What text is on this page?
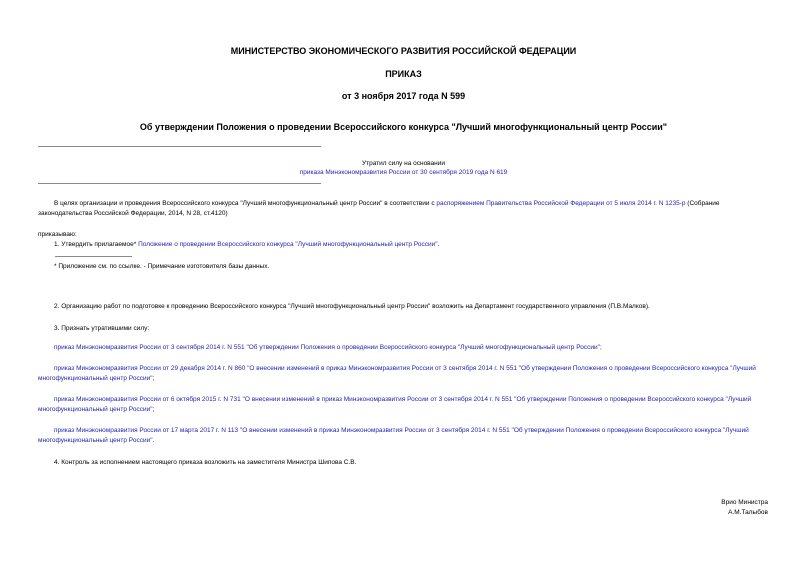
МИНИСТЕРСТВО ЭКОНОМИЧЕСКОГО РАЗВИТИЯ РОССИЙСКОЙ ФЕДЕРАЦИИ
ПРИКАЗ
от 3 ноября 2017 года N 599
Об утверждении Положения о проведении Всероссийского конкурса "Лучший многофункциональный центр России"
Утратил силу на основании
приказа Минэкономразвития России от 30 сентября 2019 года N 619
В целях организации и проведения Всероссийского конкурса "Лучший многофункциональный центр России" в соответствии с распоряжением Правительства Российской Федерации от 5 июля 2014 г. N 1235-р (Собрание законодательства Российской Федерации, 2014, N 28, ст.4120)
приказываю:
1. Утвердить прилагаемое* Положение о проведении Всероссийского конкурса "Лучший многофункциональный центр России".
* Приложение см. по ссылке. - Примечание изготовителя базы данных.
2. Организацию работ по подготовке к проведению Всероссийского конкурса "Лучший многофункциональный центр России" возложить на Департамент государственного управления (П.В.Малков).
3. Признать утратившими силу:
приказ Минэкономразвития России от 3 сентября 2014 г. N 551 "Об утверждении Положения о проведении Всероссийского конкурса "Лучший многофункциональный центр России";
приказ Минэкономразвития России от 29 декабря 2014 г. N 860 "О внесении изменений в приказ Минэкономразвития России от 3 сентября 2014 г. N 551 "Об утверждении Положения о проведении Всероссийского конкурса "Лучший многофункциональный центр России";
приказ Минэкономразвития России от 6 октября 2015 г. N 731 "О внесении изменений в приказ Минэкономразвития России от 3 сентября 2014 г. N 551 "Об утверждении Положения о проведении Всероссийского конкурса "Лучший многофункциональный центр России";
приказ Минэкономразвития России от 17 марта 2017 г. N 113 "О внесении изменений в приказ Минэкономразвития России от 3 сентября 2014 г. N 551 "Об утверждении Положения о проведении Всероссийского конкурса "Лучший многофункциональный центр России".
4. Контроль за исполнением настоящего приказа возложить на заместителя Министра Шипова С.В.
Врио Министра
А.М.Талыбов
